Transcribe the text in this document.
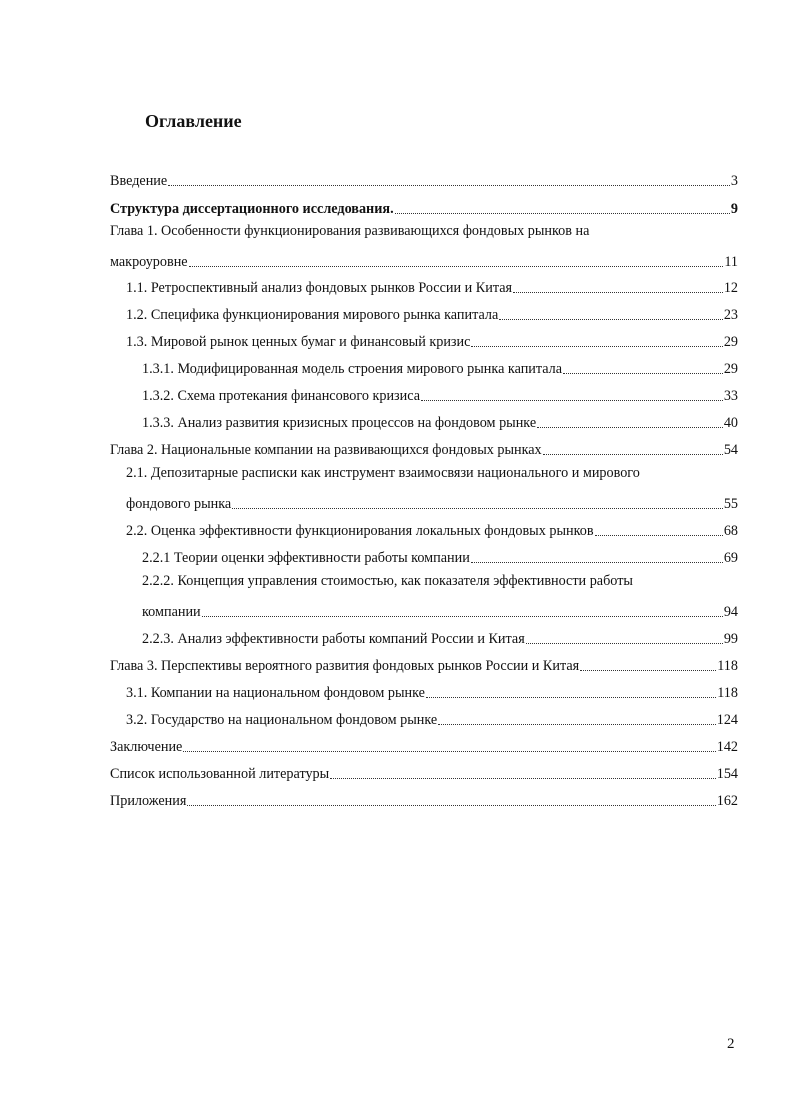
Оглавление
Введение	3
Структура диссертационного исследования.	9
Глава 1. Особенности функционирования развивающихся фондовых рынков на
макроуровне	11
1.1. Ретроспективный анализ фондовых рынков России и Китая	12
1.2. Специфика функционирования мирового рынка капитала	23
1.3. Мировой рынок ценных бумаг и финансовый кризис	29
1.3.1. Модифицированная модель строения мирового рынка капитала	29
1.3.2. Схема протекания финансового кризиса	33
1.3.3. Анализ развития кризисных процессов на фондовом рынке	40
Глава 2. Национальные компании на развивающихся фондовых рынках	54
2.1. Депозитарные расписки как инструмент взаимосвязи национального и мирового
фондового рынка	55
2.2. Оценка эффективности функционирования локальных фондовых рынков	68
2.2.1 Теории оценки эффективности работы компании	69
2.2.2. Концепция управления стоимостью, как показателя эффективности работы
компании	94
2.2.3. Анализ эффективности работы компаний России и Китая	99
Глава 3. Перспективы вероятного развития фондовых рынков России и Китая	118
3.1. Компании на национальном фондовом рынке	118
3.2. Государство на национальном фондовом рынке	124
Заключение	142
Список использованной литературы	154
Приложения	162
2
